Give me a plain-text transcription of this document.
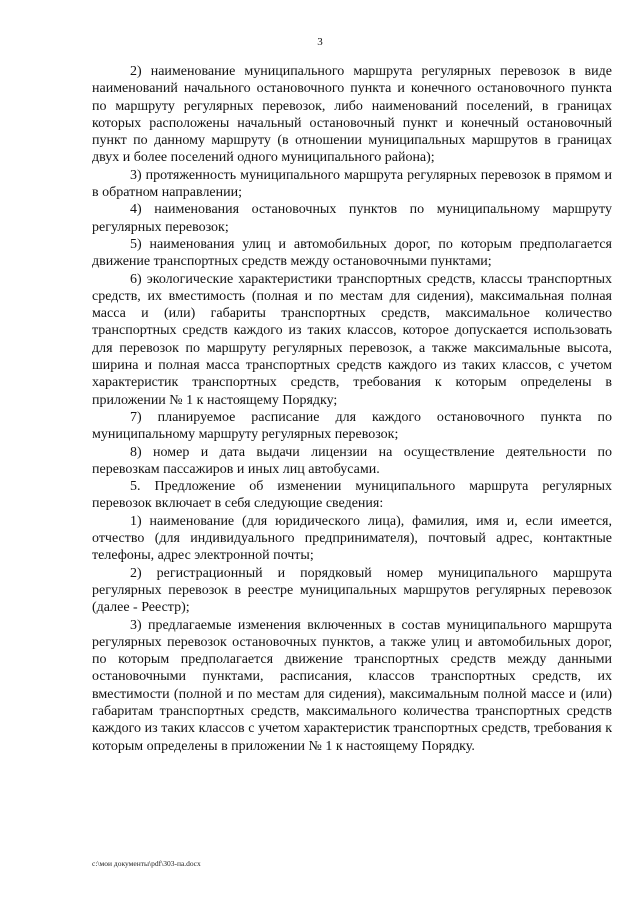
3

2) наименование муниципального маршрута регулярных перевозок в виде наименований начального остановочного пункта и конечного остановочного пункта по маршруту регулярных перевозок, либо наименований поселений, в границах которых расположены начальный остановочный пункт и конечный остановочный пункт по данному маршруту (в отношении муниципальных маршрутов в границах двух и более поселений одного муниципального района);

3) протяженность муниципального маршрута регулярных перевозок в прямом и в обратном направлении;

4) наименования остановочных пунктов по муниципальному маршруту регулярных перевозок;

5) наименования улиц и автомобильных дорог, по которым предполагается движение транспортных средств между остановочными пунктами;

6) экологические характеристики транспортных средств, классы транспортных средств, их вместимость (полная и по местам для сидения), максимальная полная масса и (или) габариты транспортных средств, максимальное количество транспортных средств каждого из таких классов, которое допускается использовать для перевозок по маршруту регулярных перевозок, а также максимальные высота, ширина и полная масса транспортных средств каждого из таких классов, с учетом характеристик транспортных средств, требования к которым определены в приложении № 1 к настоящему Порядку;

7) планируемое расписание для каждого остановочного пункта по муниципальному маршруту регулярных перевозок;

8) номер и дата выдачи лицензии на осуществление деятельности по перевозкам пассажиров и иных лиц автобусами.

5. Предложение об изменении муниципального маршрута регулярных перевозок включает в себя следующие сведения:

1) наименование (для юридического лица), фамилия, имя и, если имеется, отчество (для индивидуального предпринимателя), почтовый адрес, контактные телефоны, адрес электронной почты;

2) регистрационный и порядковый номер муниципального маршрута регулярных перевозок в реестре муниципальных маршрутов регулярных перевозок (далее - Реестр);

3) предлагаемые изменения включенных в состав муниципального маршрута регулярных перевозок остановочных пунктов, а также улиц и автомобильных дорог, по которым предполагается движение транспортных средств между данными остановочными пунктами, расписания, классов транспортных средств, их вместимости (полной и по местам для сидения), максимальным полной массе и (или) габаритам транспортных средств, максимального количества транспортных средств каждого из таких классов с учетом характеристик транспортных средств, требования к которым определены в приложении № 1 к настоящему Порядку.

c:\мои документы\pdf\303-па.docx
